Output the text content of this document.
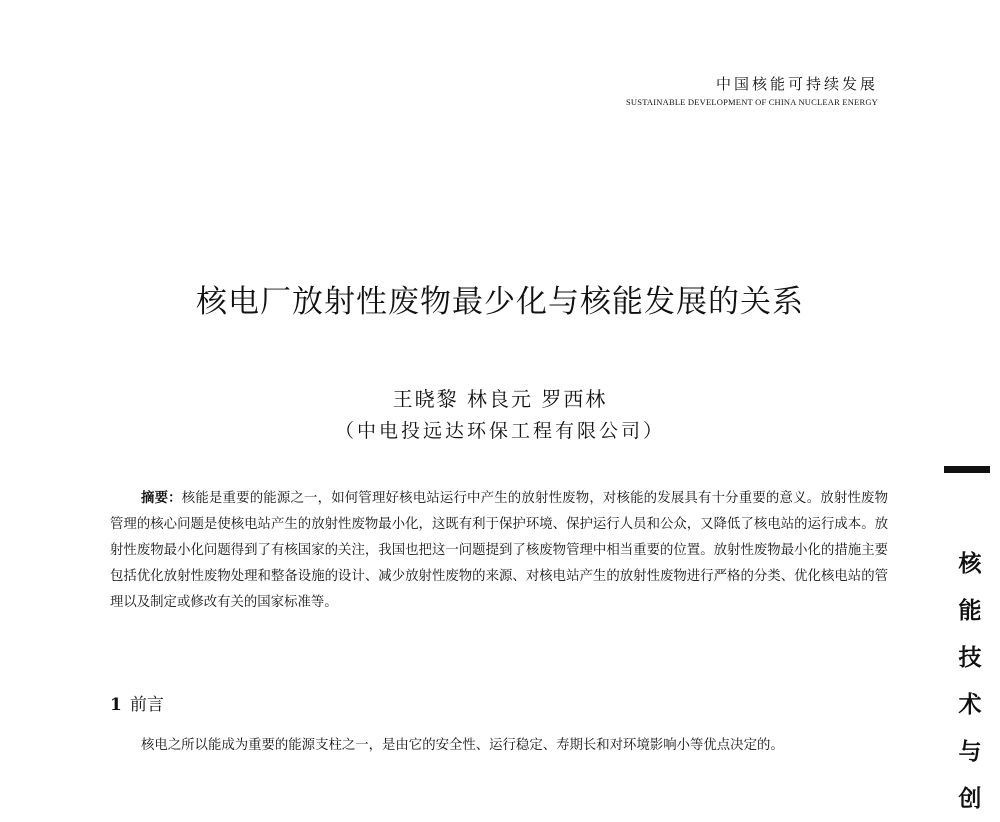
中国核能可持续发展
SUSTAINABLE DEVELOPMENT OF CHINA NUCLEAR ENERGY
核电厂放射性废物最少化与核能发展的关系
王晓黎 林良元 罗西林
（中电投远达环保工程有限公司）
摘要：核能是重要的能源之一，如何管理好核电站运行中产生的放射性废物，对核能的发展具有十分重要的意义。放射性废物管理的核心问题是使核电站产生的放射性废物最小化，这既有利于保护环境、保护运行人员和公众，又降低了核电站的运行成本。放射性废物最小化问题得到了有核国家的关注，我国也把这一问题提到了核废物管理中相当重要的位置。放射性废物最小化的措施主要包括优化放射性废物处理和整备设施的设计、减少放射性废物的来源、对核电站产生的放射性废物进行严格的分类、优化核电站的管理以及制定或修改有关的国家标准等。
1 前言
核电之所以能成为重要的能源支柱之一，是由它的安全性、运行稳定、寿期长和对环境影响小等优点决定的。
核
能
技
术
与
创
